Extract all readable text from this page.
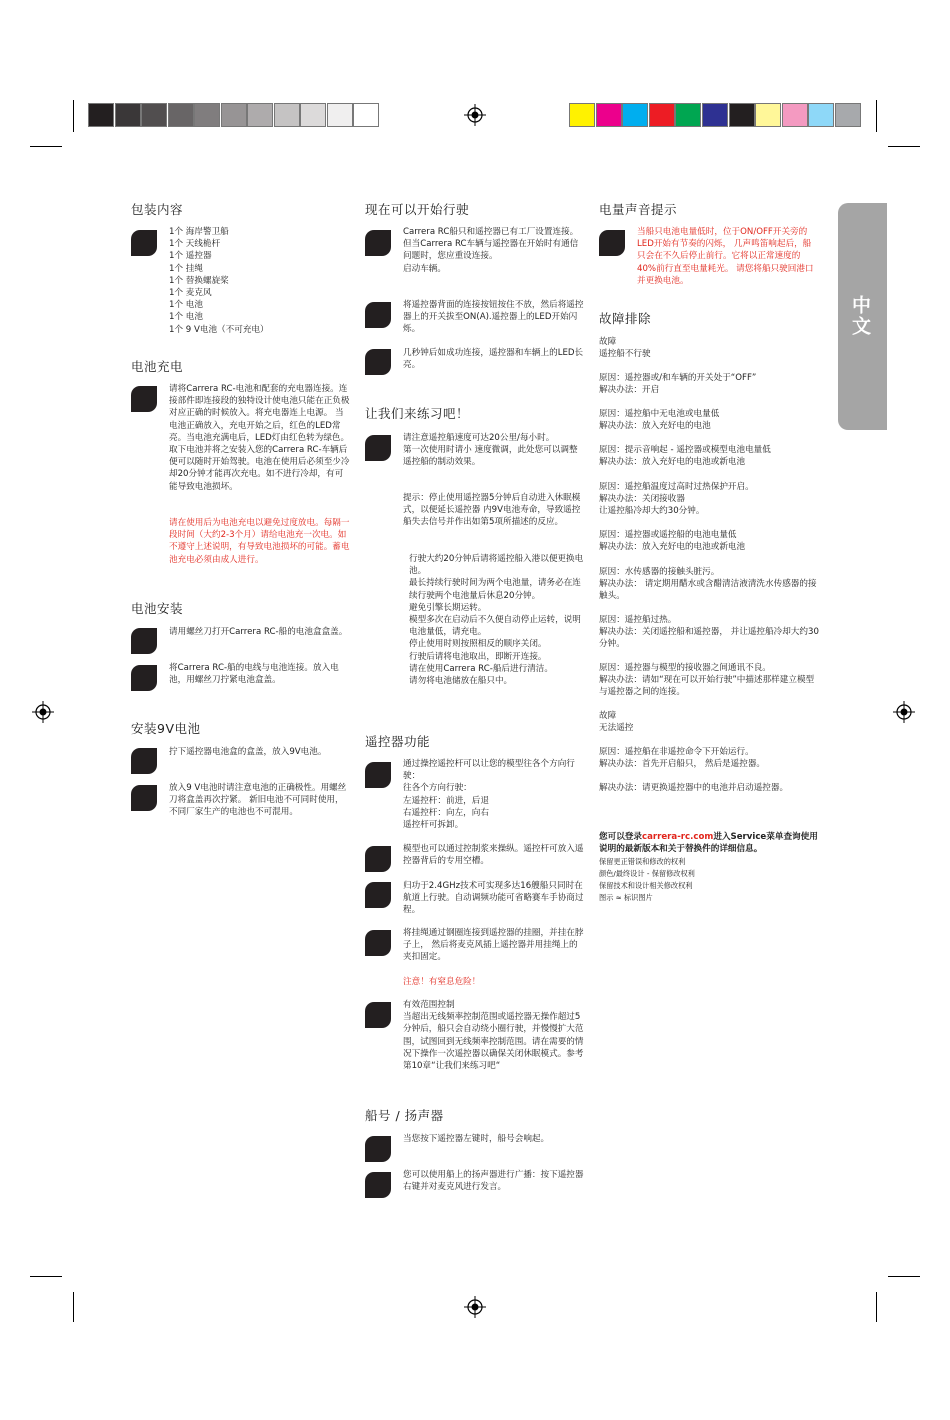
中文
包装内容
1个 海岸警卫船
1个 天线桅杆
1个 遥控器
1个 挂绳
1个 替换螺旋桨
1个 麦克风
1个 电池
1个 电池
1个 9 V电池（不可充电）
电池充电
请将Carrera RC-电池和配套的充电器连接。连接部件即连接段的独特设计使电池只能在正负极对应正确的时候放入。将充电器连上电源。 当电池正确放入，充电开始之后，红色的LED常亮。当电池充满电后，LED灯由红色转为绿色。 取下电池并将之安装入您的Carrera RC-车辆后便可以随时开始驾驶。电池在使用后必须至少冷却20分钟才能再次充电。如不进行冷却，有可能导致电池损坏。
请在使用后为电池充电以避免过度放电。每隔一段时间（大约2-3个月）请给电池充一次电。如不遵守上述说明，有导致电池损坏的可能。蓄电池充电必须由成人进行。
电池安装
请用螺丝刀打开Carrera RC-船的电池盒盒盖。
将Carrera RC-船的电线与电池连接。放入电池，用螺丝刀拧紧电池盒盖。
安装9V电池
拧下遥控器电池盒的盒盖，放入9V电池。
放入9 V电池时请注意电池的正确极性。用螺丝刀将盒盖再次拧紧。 新旧电池不可同时使用，不同厂家生产的电池也不可混用。
现在可以开始行驶
Carrera RC船只和遥控器已有工厂设置连接。
但当Carrera RC车辆与遥控器在开始时有通信问题时，您应重设连接。
启动车辆。
将遥控器背面的连接按钮按住不放，然后将遥控器上的开关拔至ON(A).遥控器上的LED开始闪烁。
几秒钟后如成功连接，遥控器和车辆上的LED长亮。
让我们来练习吧！
请注意遥控船速度可达20公里/每小时。
第一次使用时请小 速度微调，此处您可以调整遥控船的制动效果。
提示：停止使用遥控器5分钟后自动进入休眠模式，以便延长遥控器 内9V电池寿命，导致遥控船失去信号并作出如第5项所描述的反应。
行驶大约20分钟后请将遥控船入港以便更换电池。
最长持续行驶时间为两个电池量，请务必在连续行驶两个电池量后休息20分钟。
避免引擎长期运转。
模型多次在启动后不久便自动停止运转，说明电池量低，请充电。
停止使用时则按照相反的顺序关闭。
行驶后请将电池取出，即断开连接。
请在使用Carrera RC-船后进行清洁。
请勿将电池储放在船只中。
遥控器功能
通过操控遥控杆可以让您的模型往各个方向行驶：
往各个方向行驶：
左遥控杆：前进，后退
右遥控杆：向左，向右
遥控杆可拆卸。
模型也可以通过控制浆来操纵。遥控杆可放入遥控器背后的专用空槽。
归功于2.4GHz技术可实现多达16艘船只同时在航道上行驶。自动调频功能可省略赛车手协商过程。
将挂绳通过钢圈连接到遥控器的挂圈，并挂在脖子上， 然后将麦克风插上遥控器并用挂绳上的夹扣固定。
注意！有窒息危险！
有效范围控制
当超出无线频率控制范围或遥控器无操作超过5分钟后，船只会自动绕小圈行驶，并慢慢扩大范围，试图回到无线频率控制范围。请在需要的情况下操作一次遥控器以确保关闭休眠模式。参考第10章“让我们来练习吧“
船号 / 扬声器
当您按下遥控器左键时，船号会响起。
您可以使用船上的扬声器进行广播：按下遥控器右键并对麦克风进行发言。
电量声音提示
当船只电池电量低时，位于ON/OFF开关旁的LED开始有节奏的闪烁， 几声鸣笛响起后，船只会在不久后停止前行。它将以正常速度的40%前行直至电量耗光。 请您将船只驶回港口并更换电池。
故障排除
故障
遥控船不行驶
原因：遥控器或/和车辆的开关处于“OFF”
解决办法：开启
原因：遥控船中无电池或电量低
解决办法：放入充好电的电池
原因：提示音响起 - 遥控器或模型电池电量低
解决办法：放入充好电的电池或新电池
原因：遥控船温度过高时过热保护开启。
解决办法：关闭接收器
让遥控船冷却大约30分钟。
原因：遥控器或遥控船的电池电量低
解决办法：放入充好电的电池或新电池
原因：水传感器的接触头脏污。
解决办法： 请定期用醋水或含醋清洁液清洗水传感器的接触头。
原因：遥控船过热。
解决办法：关闭遥控船和遥控器， 并让遥控船冷却大约30分钟。
原因：遥控器与模型的接收器之间通讯不良。
解决办法：请如“现在可以开始行驶”中描述那样建立模型与遥控器之间的连接。
故障
无法遥控
原因：遥控船在非遥控命令下开始运行。
解决办法：首先开启船只， 然后是遥控器。
解决办法：请更换遥控器中的电池并启动遥控器。

您可以登录carrera-rc.com进入Service菜单查询使用说明的最新版本和关于替换件的详细信息。

保留更正错误和修改的权利
颜色/最终设计 - 保留修改权利
保留技术和设计相关修改权利
图示 ≈ 标识图片
